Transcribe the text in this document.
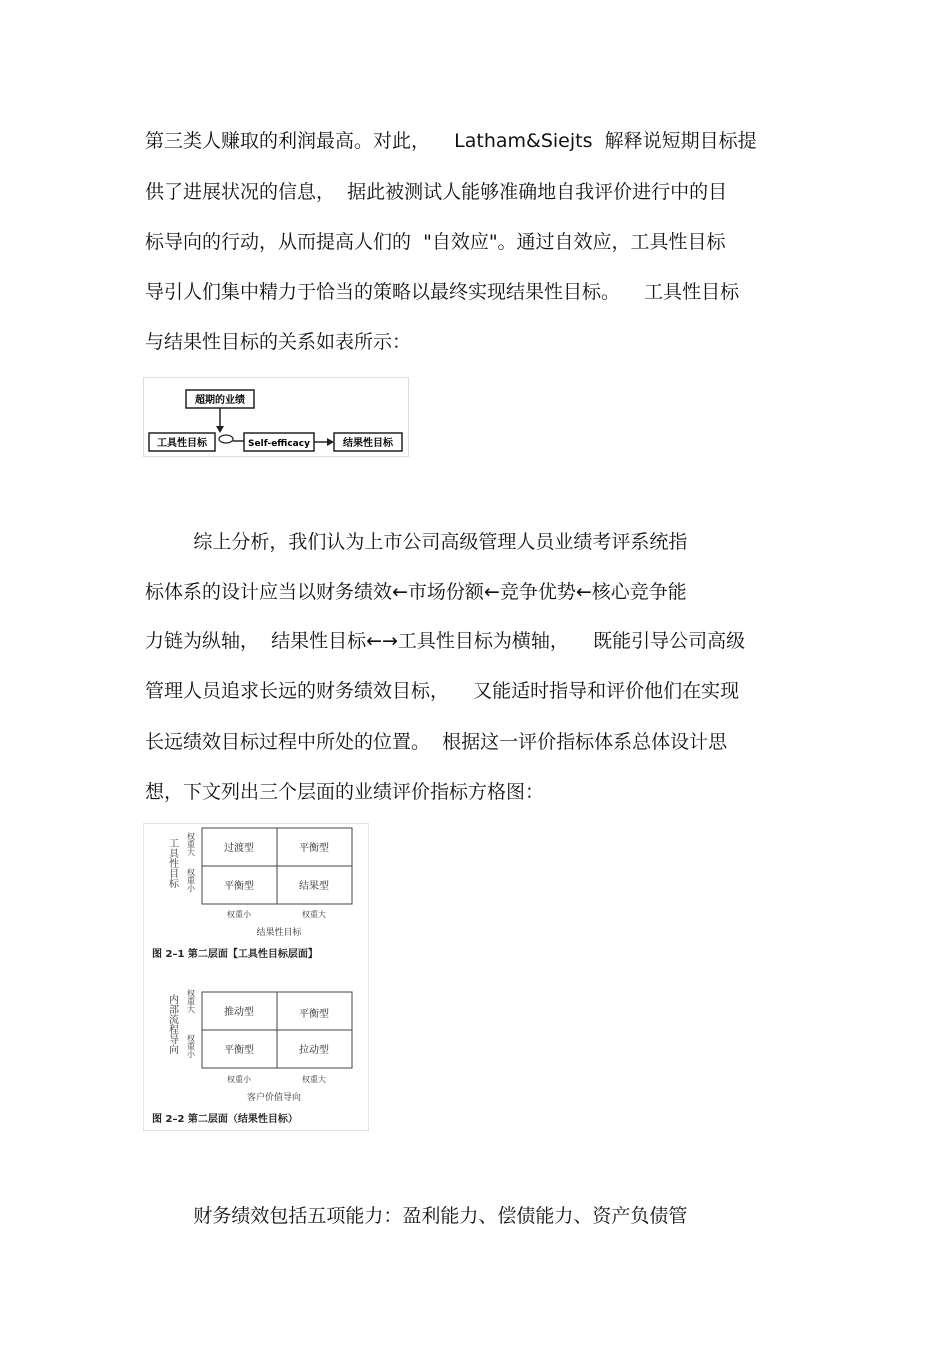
第三类人赚取的利润最高。对此，    Latham&Siejts  解释说短期目标提
供了进展状况的信息，  据此被测试人能够准确地自我评价进行中的目
标导向的行动，从而提高人们的  "自效应"。通过自效应，工具性目标
导引人们集中精力于恰当的策略以最终实现结果性目标。    工具性目标
与结果性目标的关系如表所示：
超期的业绩
工具性目标	Self-efficacy	结果性目标
综上分析，我们认为上市公司高级管理人员业绩考评系统指
标体系的设计应当以财务绩效←市场份额←竞争优势←核心竞争能
力链为纵轴，  结果性目标←→工具性目标为横轴，    既能引导公司高级
管理人员追求长远的财务绩效目标，    又能适时指导和评价他们在实现
长远绩效目标过程中所处的位置。  根据这一评价指标体系总体设计思
想，下文列出三个层面的业绩评价指标方格图：
工具性目标 权重大
权重小
过渡型	平衡型
平衡型	结果型
权重小	权重大
结果性目标
图 2–1 第二层面【工具性目标层面】
内部流程导向 权重大
权重小
推动型	平衡型
平衡型	拉动型
权重小	权重大
客户价值导向
图 2–2 第二层面（结果性目标）
财务绩效包括五项能力：盈利能力、偿债能力、资产负债管
